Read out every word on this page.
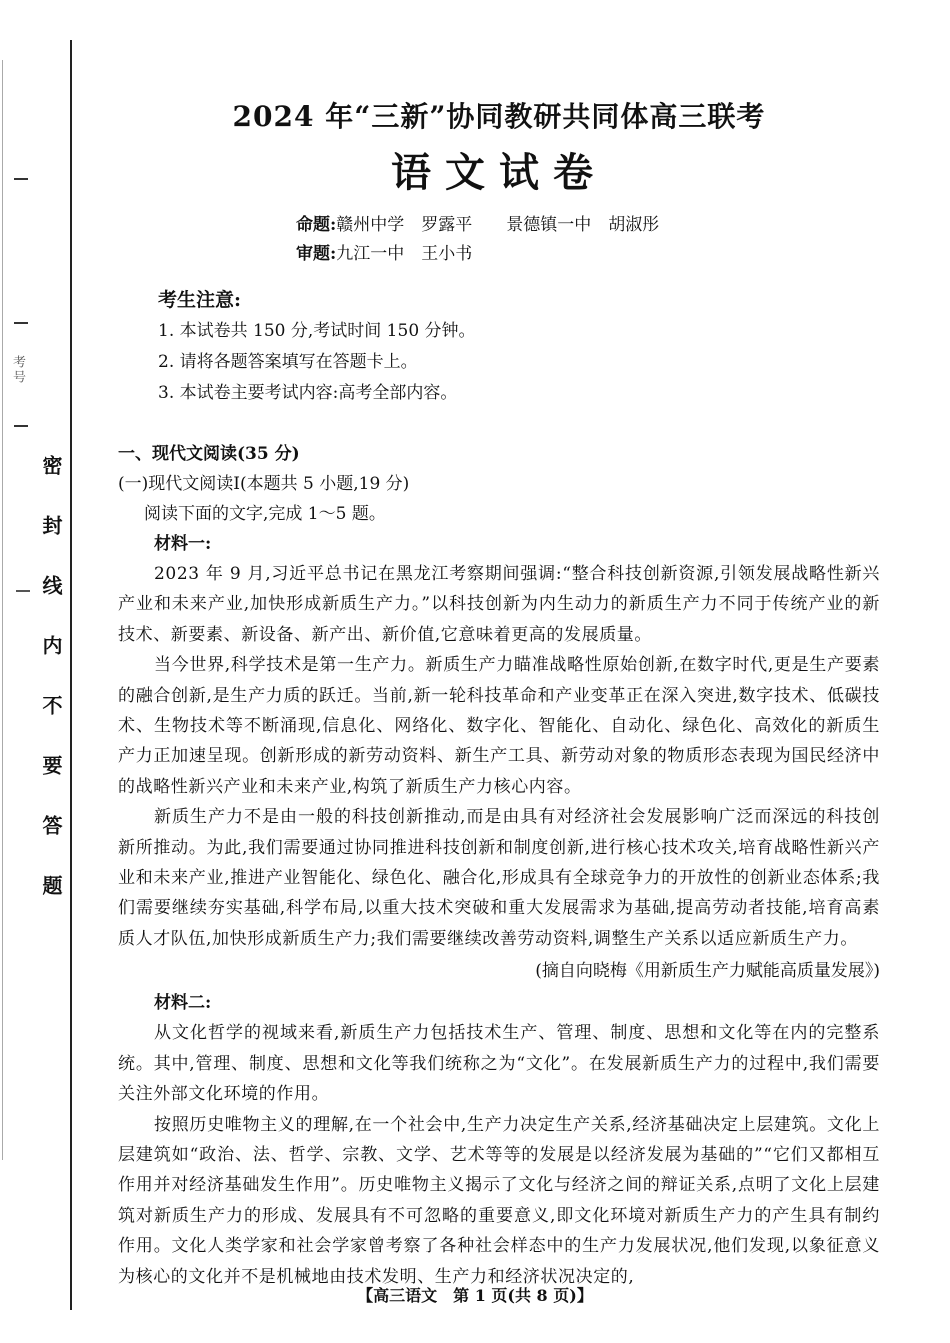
考号
密封线内不要答题
2024 年“三新”协同教研共同体高三联考
语文试卷
命题:赣州中学　罗露平　　景德镇一中　胡淑彤
审题:九江一中　王小书
考生注意:
1. 本试卷共 150 分,考试时间 150 分钟。
2. 请将各题答案填写在答题卡上。
3. 本试卷主要考试内容:高考全部内容。
一、现代文阅读(35 分)
(一)现代文阅读Ⅰ(本题共 5 小题,19 分)
阅读下面的文字,完成 1～5 题。
材料一:

2023 年 9 月,习近平总书记在黑龙江考察期间强调:“整合科技创新资源,引领发展战略性新兴产业和未来产业,加快形成新质生产力。”以科技创新为内生动力的新质生产力不同于传统产业的新技术、新要素、新设备、新产出、新价值,它意味着更高的发展质量。

当今世界,科学技术是第一生产力。新质生产力瞄准战略性原始创新,在数字时代,更是生产要素的融合创新,是生产力质的跃迁。当前,新一轮科技革命和产业变革正在深入突进,数字技术、低碳技术、生物技术等不断涌现,信息化、网络化、数字化、智能化、自动化、绿色化、高效化的新质生产力正加速呈现。创新形成的新劳动资料、新生产工具、新劳动对象的物质形态表现为国民经济中的战略性新兴产业和未来产业,构筑了新质生产力核心内容。

新质生产力不是由一般的科技创新推动,而是由具有对经济社会发展影响广泛而深远的科技创新所推动。为此,我们需要通过协同推进科技创新和制度创新,进行核心技术攻关,培育战略性新兴产业和未来产业,推进产业智能化、绿色化、融合化,形成具有全球竞争力的开放性的创新业态体系;我们需要继续夯实基础,科学布局,以重大技术突破和重大发展需求为基础,提高劳动者技能,培育高素质人才队伍,加快形成新质生产力;我们需要继续改善劳动资料,调整生产关系以适应新质生产力。

(摘自向晓梅《用新质生产力赋能高质量发展》)
材料二:

从文化哲学的视域来看,新质生产力包括技术生产、管理、制度、思想和文化等在内的完整系统。其中,管理、制度、思想和文化等我们统称之为“文化”。在发展新质生产力的过程中,我们需要关注外部文化环境的作用。

按照历史唯物主义的理解,在一个社会中,生产力决定生产关系,经济基础决定上层建筑。文化上层建筑如“政治、法、哲学、宗教、文学、艺术等等的发展是以经济发展为基础的”“它们又都相互作用并对经济基础发生作用”。历史唯物主义揭示了文化与经济之间的辩证关系,点明了文化上层建筑对新质生产力的形成、发展具有不可忽略的重要意义,即文化环境对新质生产力的产生具有制约作用。文化人类学家和社会学家曾考察了各种社会样态中的生产力发展状况,他们发现,以象征意义为核心的文化并不是机械地由技术发明、生产力和经济状况决定的,

【高三语文　第 1 页(共 8 页)】
